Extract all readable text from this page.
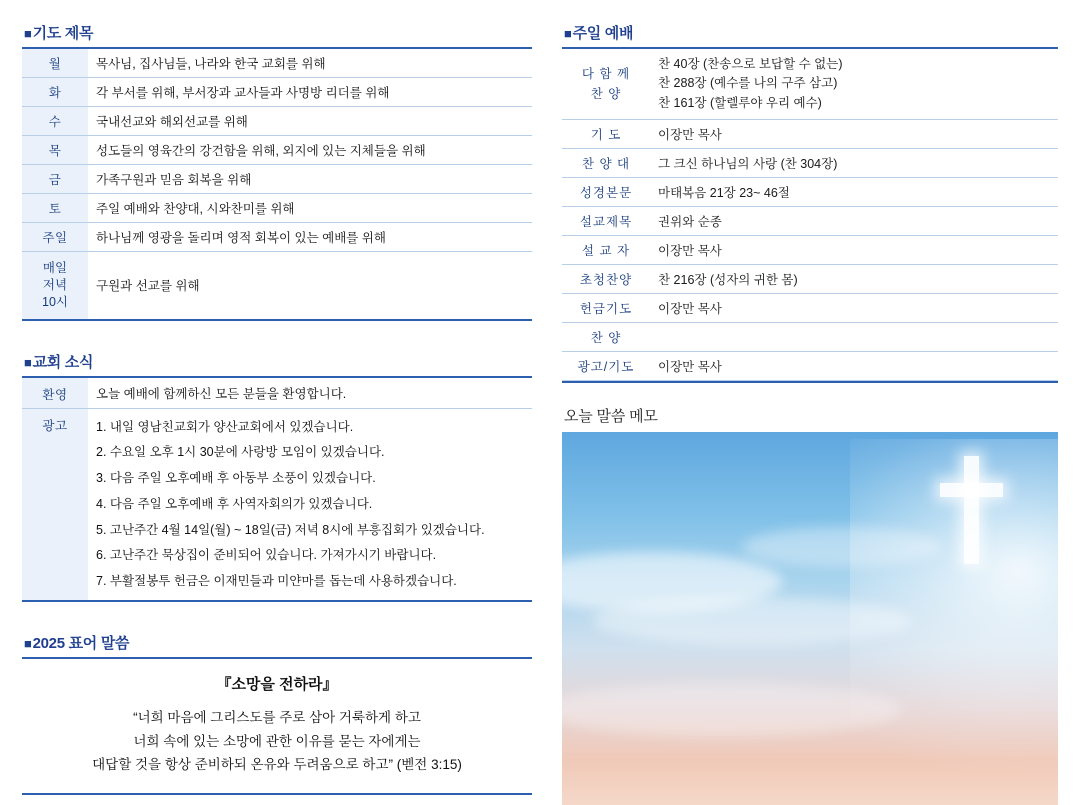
■기도 제목
월	목사님, 집사님들, 나라와 한국 교회를 위해
화	각 부서를 위해, 부서장과 교사들과 사명방 리더를 위해
수	국내선교와 해외선교를 위해
목	성도들의 영육간의 강건함을 위해, 외지에 있는 지체들을 위해
금	가족구원과 믿음 회복을 위해
토	주일 예배와 찬양대, 시와찬미를 위해
주일	하나님께 영광을 돌리며 영적 회복이 있는 예배를 위해

매일
저녁
10시	구원과 선교를 위해
■교회 소식
환영	오늘 예배에 함께하신 모든 분들을 환영합니다.
광고	1. 내일 영남친교회가 양산교회에서 있겠습니다.
2. 수요일 오후 1시 30분에 사랑방 모임이 있겠습니다.
3. 다음 주일 오후예배 후 아동부 소풍이 있겠습니다.
4. 다음 주일 오후예배 후 사역자회의가 있겠습니다.
5. 고난주간 4월 14일(월) ~ 18일(금) 저녁 8시에 부흥집회가 있겠습니다.
6. 고난주간 묵상집이 준비되어 있습니다. 가져가시기 바랍니다.
7. 부활절봉투 헌금은 이재민들과 미얀마를 돕는데 사용하겠습니다.
■2025 표어 말씀
『소망을 전하라』
“너희 마음에 그리스도를 주로 삼아 거룩하게 하고
너희 속에 있는 소망에 관한 이유를 묻는 자에게는
대답할 것을 항상 준비하되 온유와 두려움으로 하고” (벧전 3:15)
■주일 예배
다 함 께
찬 양

찬 40장 (찬송으로 보답할 수 없는)
찬 288장 (예수를 나의 구주 삼고)
찬 161장 (할렐루야 우리 예수)

기 도	이장만 목사
찬 양 대	그 크신 하나님의 사랑 (찬 304장)
성경본문	마태복음 21장 23~ 46절
설교제목	권위와 순종
설 교 자	이장만 목사
초청찬양	찬 216장 (성자의 귀한 몸)
헌금기도	이장만 목사
찬 양	
광고/기도	이장만 목사
오늘 말씀 메모
